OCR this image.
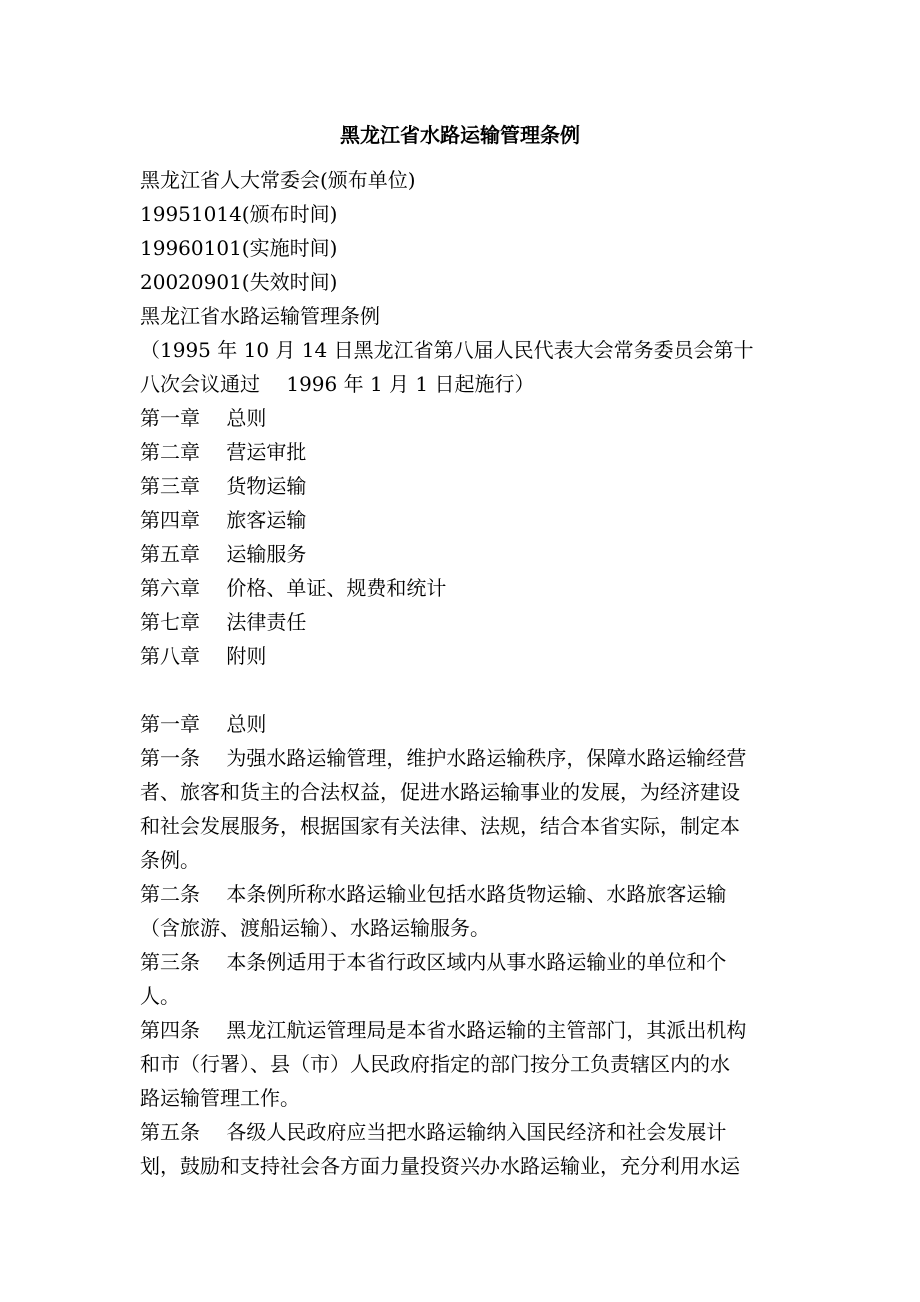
黑龙江省水路运输管理条例
黑龙江省人大常委会(颁布单位)
19951014(颁布时间)
19960101(实施时间)
20020901(失效时间)
黑龙江省水路运输管理条例
（1995 年 10 月 14 日黑龙江省第八届人民代表大会常务委员会第十
八次会议通过　 1996 年 1 月 1 日起施行）
第一章　 总则
第二章　 营运审批
第三章　 货物运输
第四章　 旅客运输
第五章　 运输服务
第六章　 价格、单证、规费和统计
第七章　 法律责任
第八章　 附则
第一章　 总则
第一条　 为强水路运输管理，维护水路运输秩序，保障水路运输经营
者、旅客和货主的合法权益，促进水路运输事业的发展，为经济建设
和社会发展服务，根据国家有关法律、法规，结合本省实际，制定本
条例。
第二条　 本条例所称水路运输业包括水路货物运输、水路旅客运输
（含旅游、渡船运输）、水路运输服务。
第三条　 本条例适用于本省行政区域内从事水路运输业的单位和个
人。
第四条　 黑龙江航运管理局是本省水路运输的主管部门，其派出机构
和市（行署）、县（市）人民政府指定的部门按分工负责辖区内的水
路运输管理工作。
第五条　 各级人民政府应当把水路运输纳入国民经济和社会发展计
划，鼓励和支持社会各方面力量投资兴办水路运输业，充分利用水运
